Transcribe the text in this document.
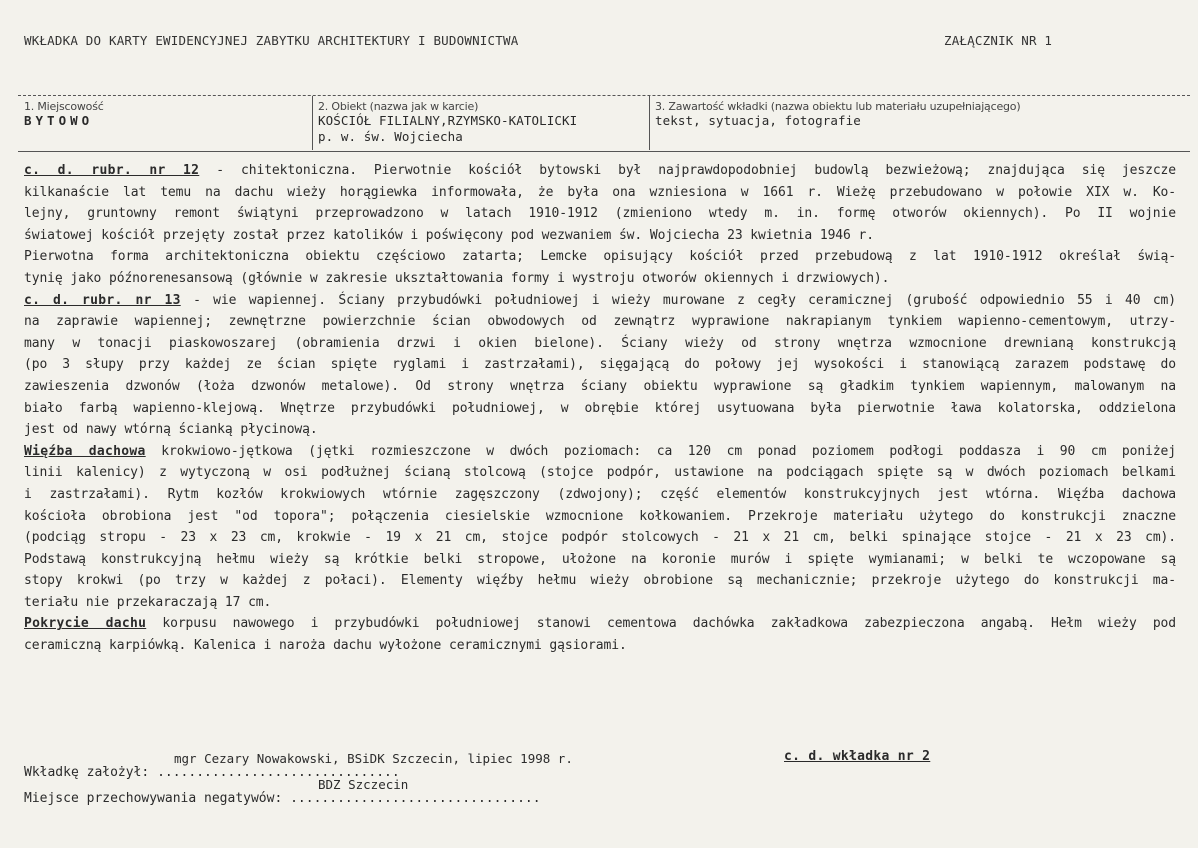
WKŁADKA DO KARTY EWIDENCYJNEJ ZABYTKU ARCHITEKTURY I BUDOWNICTWA	ZAŁĄCZNIK NR 1
1. Miejscowość
BYTOWO
2. Obiekt (nazwa jak w karcie)
KOŚCIÓŁ FILIALNY,RZYMSKO-KATOLICKI
p. w. św. Wojciecha
3. Zawartość wkładki (nazwa obiektu lub materiału uzupełniającego)
tekst, sytuacja, fotografie
c. d. rubr. nr 12 - chitektoniczna. Pierwotnie kościół bytowski był najprawdopodobniej budowlą bezwieżową; znajdująca się jeszcze
kilkanaście lat temu na dachu wieży horągiewka informowała, że była ona wzniesiona w 1661 r. Wieżę przebudowano w połowie XIX w. Ko-
lejny, gruntowny remont świątyni przeprowadzono w latach 1910-1912 (zmieniono wtedy m. in. formę otworów okiennych). Po II wojnie
światowej kościół przejęty został przez katolików i poświęcony pod wezwaniem św. Wojciecha 23 kwietnia 1946 r.
Pierwotna forma architektoniczna obiektu częściowo zatarta; Lemcke opisujący kościół przed przebudową z lat 1910-1912 określał świą-
tynię jako późnorenesansową (głównie w zakresie ukształtowania formy i wystroju otworów okiennych i drzwiowych).
c. d. rubr. nr 13 - wie wapiennej. Ściany przybudówki południowej i wieży murowane z cegły ceramicznej (grubość odpowiednio 55 i 40 cm)
na zaprawie wapiennej; zewnętrzne powierzchnie ścian obwodowych od zewnątrz wyprawione nakrapianym tynkiem wapienno-cementowym, utrzy-
many w tonacji piaskowoszarej (obramienia drzwi i okien bielone). Ściany wieży od strony wnętrza wzmocnione drewnianą konstrukcją
(po 3 słupy przy każdej ze ścian spięte ryglami i zastrzałami), sięgającą do połowy jej wysokości i stanowiącą zarazem podstawę do
zawieszenia dzwonów (łoża dzwonów metalowe). Od strony wnętrza ściany obiektu wyprawione są gładkim tynkiem wapiennym, malowanym na
biało farbą wapienno-klejową. Wnętrze przybudówki południowej, w obrębie której usytuowana była pierwotnie ława kolatorska, oddzielona
jest od nawy wtórną ścianką płycinową.
Więźba dachowa krokwiowo-jętkowa (jętki rozmieszczone w dwóch poziomach: ca 120 cm ponad poziomem podłogi poddasza i 90 cm poniżej
linii kalenicy) z wytyczoną w osi podłużnej ścianą stolcową (stojce podpór, ustawione na podciągach spięte są w dwóch poziomach belkami
i zastrzałami). Rytm kozłów krokwiowych wtórnie zagęszczony (zdwojony); część elementów konstrukcyjnych jest wtórna. Więźba dachowa
kościoła obrobiona jest "od topora"; połączenia ciesielskie wzmocnione kołkowaniem. Przekroje materiału użytego do konstrukcji znaczne
(podciąg stropu - 23 x 23 cm, krokwie - 19 x 21 cm, stojce podpór stolcowych - 21 x 21 cm, belki spinające stojce - 21 x 23 cm).
Podstawą konstrukcyjną hełmu wieży są krótkie belki stropowe, ułożone na koronie murów i spięte wymianami; w belki te wczopowane są
stopy krokwi (po trzy w każdej z połaci). Elementy więźby hełmu wieży obrobione są mechanicznie; przekroje użytego do konstrukcji ma-
teriału nie przekaraczają 17 cm.
Pokrycie dachu korpusu nawowego i przybudówki południowej stanowi cementowa dachówka zakładkowa zabezpieczona angabą. Hełm wieży pod
ceramiczną karpiówką. Kalenica i naroża dachu wyłożone ceramicznymi gąsiorami.
mgr Cezary Nowakowski, BSiDK Szczecin, lipiec 1998 r.
Wkładkę założył: ...............................
c. d. wkładka nr 2
BDZ Szczecin
Miejsce przechowywania negatywów: ................................
